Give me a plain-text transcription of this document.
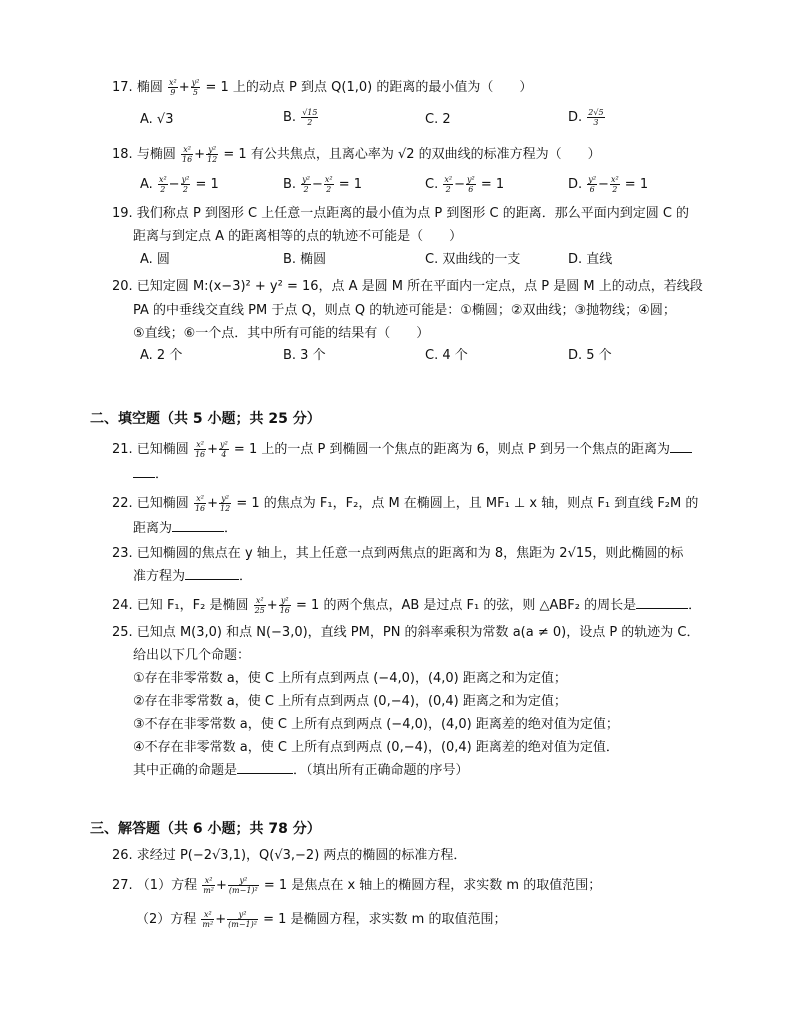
17. 椭圆 $\frac{\text{x²}}{9} + \frac{\text{y²}}{5} = 1$ 上的动点 P 到点 Q(1,0) 的距离的最小值为（　　）
A. √3	B. $\frac{√15}{2}$	C. 2	D. $\frac{2√5}{3}$
18. 与椭圆 $\frac{\text{x²}}{16} + \frac{\text{y²}}{12} = 1$ 有公共焦点，且离心率为 √2 的双曲线的标准方程为（　　）
A. $\frac{\text{x²}}{2} - \frac{\text{y²}}{2} = 1$	B. $\frac{\text{y²}}{2} - \frac{\text{x²}}{2} = 1$	C. $\frac{\text{x²}}{2} - \frac{\text{y²}}{6} = 1$	D. $\frac{\text{y²}}{6} - \frac{\text{x²}}{2} = 1$
19. 我们称点 P 到图形 C 上任意一点距离的最小值为点 P 到图形 C 的距离．那么平面内到定圆 C 的
距离与到定点 A 的距离相等的点的轨迹不可能是（　　）
A. 圆	B. 椭圆	C. 双曲线的一支	D. 直线
20. 已知定圆 M:(x−3)² + y² = 16，点 A 是圆 M 所在平面内一定点，点 P 是圆 M 上的动点，若线段
PA 的中垂线交直线 PM 于点 Q，则点 Q 的轨迹可能是：①椭圆；②双曲线；③抛物线；④圆；
⑤直线；⑥一个点．其中所有可能的结果有（　　）
A. 2 个	B. 3 个	C. 4 个	D. 5 个
二、填空题（共 5 小题；共 25 分）
21. 已知椭圆 $\frac{\text{x²}}{16} + \frac{\text{y²}}{4} = 1$ 上的一点 P 到椭圆一个焦点的距离为 6，则点 P 到另一个焦点的距离为
．
22. 已知椭圆 $\frac{\text{x²}}{16} + \frac{\text{y²}}{12} = 1$ 的焦点为 F₁，F₂，点 M 在椭圆上，且 MF₁ ⊥ x 轴，则点 F₁ 到直线 F₂M 的
距离为	．
23. 已知椭圆的焦点在 y 轴上，其上任意一点到两焦点的距离和为 8，焦距为 2√15，则此椭圆的标
准方程为	．
24. 已知 F₁，F₂ 是椭圆 $\frac{\text{x²}}{25} + \frac{\text{y²}}{16} = 1$ 的两个焦点，AB 是过点 F₁ 的弦，则 △ABF₂ 的周长是	．
25. 已知点 M(3,0) 和点 N(−3,0)，直线 PM，PN 的斜率乘积为常数 a(a ≠ 0)，设点 P 的轨迹为 C．
给出以下几个命题：
①存在非零常数 a，使 C 上所有点到两点 (−4,0)，(4,0) 距离之和为定值；
②存在非零常数 a，使 C 上所有点到两点 (0,−4)，(0,4) 距离之和为定值；
③不存在非零常数 a，使 C 上所有点到两点 (−4,0)，(4,0) 距离差的绝对值为定值；
④不存在非零常数 a，使 C 上所有点到两点 (0,−4)，(0,4) 距离差的绝对值为定值．
其中正确的命题是	．（填出所有正确命题的序号）
三、解答题（共 6 小题；共 78 分）
26. 求经过 P(−2√3,1)，Q(√3,−2) 两点的椭圆的标准方程．
27. （1）方程 $\frac{\text{x²}}{\text{m²}} + \frac{\text{y²}}{\text{(m−1)²}} = 1$ 是焦点在 x 轴上的椭圆方程，求实数 m 的取值范围；
（2）方程 $\frac{\text{x²}}{\text{m²}} + \frac{\text{y²}}{\text{(m−1)²}} = 1$ 是椭圆方程，求实数 m 的取值范围；
